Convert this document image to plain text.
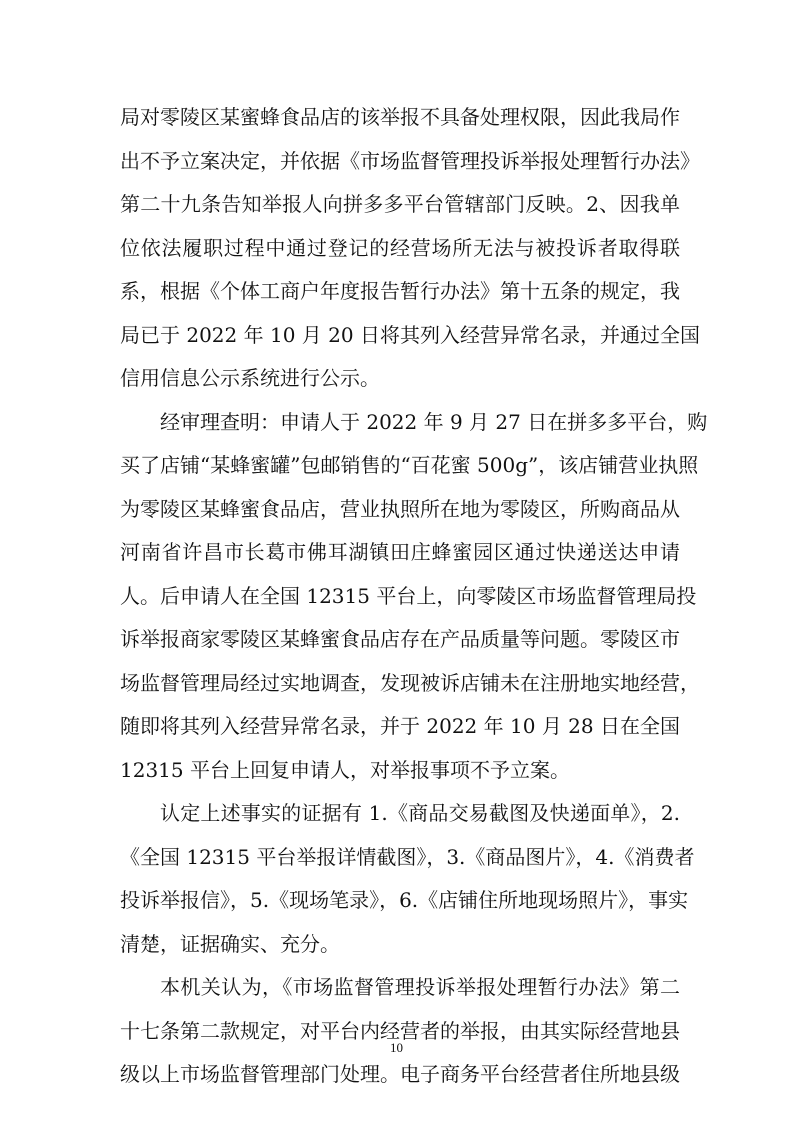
局对零陵区某蜜蜂食品店的该举报不具备处理权限，因此我局作
出不予立案决定，并依据《市场监督管理投诉举报处理暂行办法》
第二十九条告知举报人向拼多多平台管辖部门反映。2、因我单
位依法履职过程中通过登记的经营场所无法与被投诉者取得联
系，根据《个体工商户年度报告暂行办法》第十五条的规定，我
局已于 2022 年 10 月 20 日将其列入经营异常名录，并通过全国
信用信息公示系统进行公示。
经审理查明：申请人于 2022 年 9 月 27 日在拼多多平台，购
买了店铺“某蜂蜜罐”包邮销售的“百花蜜 500g”，该店铺营业执照
为零陵区某蜂蜜食品店，营业执照所在地为零陵区，所购商品从
河南省许昌市长葛市佛耳湖镇田庄蜂蜜园区通过快递送达申请
人。后申请人在全国 12315 平台上，向零陵区市场监督管理局投
诉举报商家零陵区某蜂蜜食品店存在产品质量等问题。零陵区市
场监督管理局经过实地调查，发现被诉店铺未在注册地实地经营，
随即将其列入经营异常名录，并于 2022 年 10 月 28 日在全国
12315 平台上回复申请人，对举报事项不予立案。
认定上述事实的证据有 1.《商品交易截图及快递面单》，2.
《全国 12315 平台举报详情截图》，3.《商品图片》，4.《消费者
投诉举报信》，5.《现场笔录》，6.《店铺住所地现场照片》，事实
清楚，证据确实、充分。
本机关认为，《市场监督管理投诉举报处理暂行办法》第二
十七条第二款规定，对平台内经营者的举报，由其实际经营地县
级以上市场监督管理部门处理。电子商务平台经营者住所地县级
10
